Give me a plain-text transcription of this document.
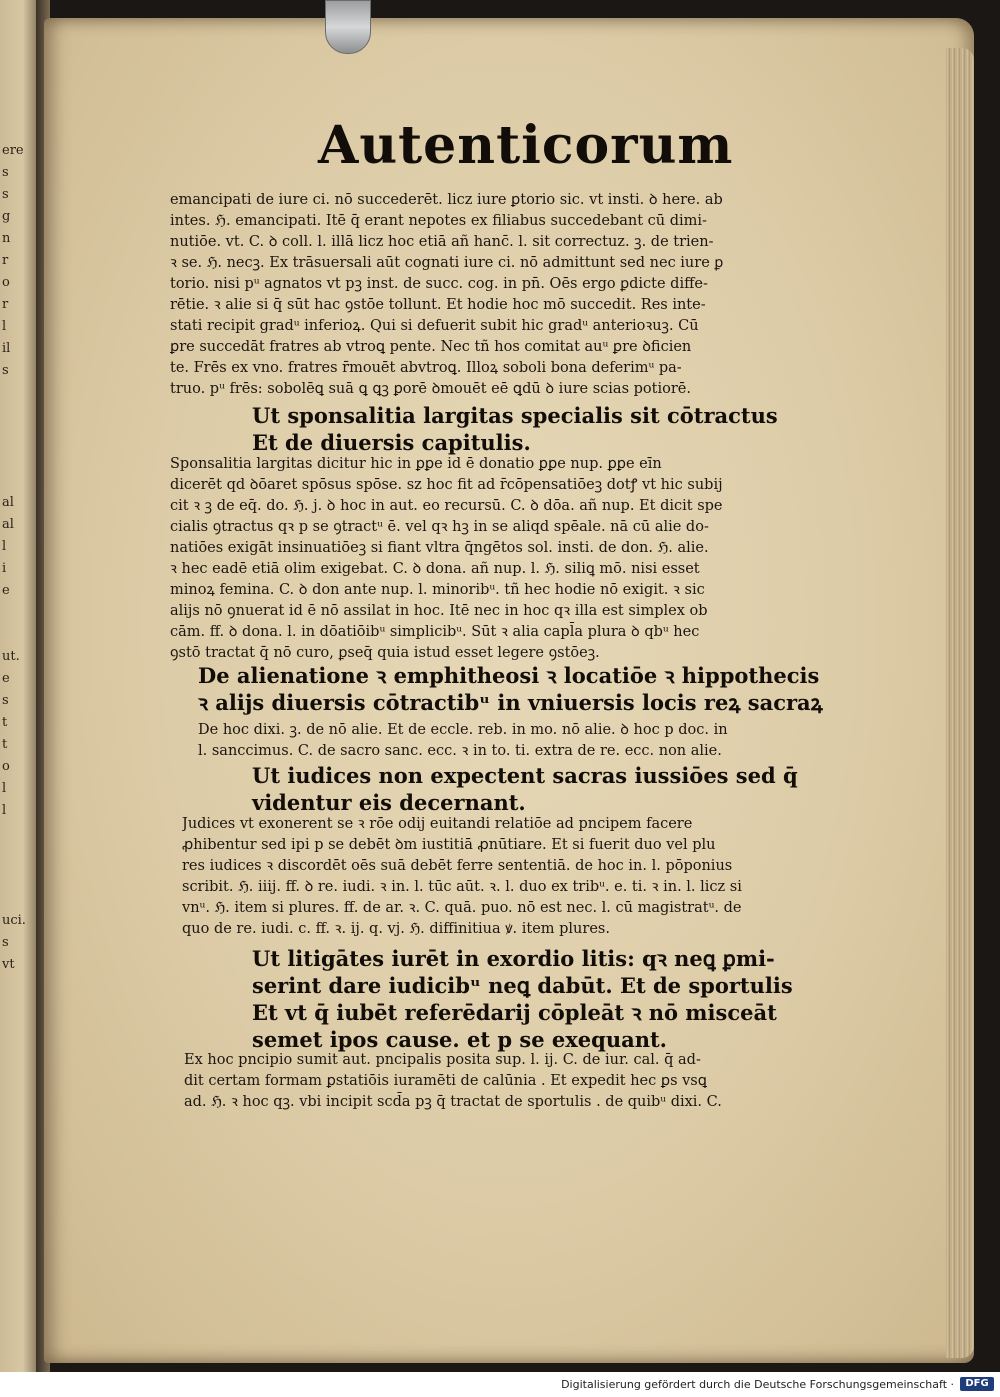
ere
s
s
g
n
r
o
r
l
il
s

al
al
l
i
e

ut.
e
s
t
t
o
l
l

uci.
s
vt
Autenticorum
emancipati de iure ci. nō succederēt. licz iure ꝑtorio sic. vt insti. ꝺ here. ab
intes. ℌ. emancipati. Itē q̄ erant nepotes ex filiabus succedebant cū dimi-
nutiōe. vt. C. ꝺ coll. l. illā licz hoc etiā añ hanc̄. l. sit correctuz. ꝫ. de trien-
ꝛ se. ℌ. necꝫ. Ex trāsuersali aūt cognati iure ci. nō admittunt sed nec iure ꝑ
torio. nisi pᵘ agnatos vt pꝫ inst. de succ. cog. in pn̄. Oēs ergo ꝑdicte diffe-
rētie. ꝛ alie si q̄ sūt hac ꝯstōe tollunt. Et hodie hoc mō succedit. Res inte-
stati recipit gradᵘ inferioꝝ. Qui si defuerit subit hic gradᵘ anterioꝛuꝫ. Cū
ꝑre succedāt fratres ab vtroꝗ pente. Nec tñ hos comitat auᵘ ꝑre ꝺficien
te. Frēs ex vno. fratres r̄mouēt abvtroꝗ. Illoꝝ soboli bona deferimᵘ pa-
truo. pᵘ frēs: sobolēꝗ suā ꝗ ꝗꝫ ꝑorē ꝺmouēt eē ꝗdū ꝺ iure scias potiorē.
Ut sponsalitia largitas specialis sit cōtractus
Et de diuersis capitulis.
Sponsalitia largitas dicitur hic in ꝑꝑe id ē donatio ꝑꝑe nup. ꝑꝑe eīn
dicerēt qd ꝺōaret spōsus spōse. sz hoc fit ad r̄cōpensatiōeꝫ dotꝭ vt hic subij
cit ꝛ ꝫ de eq̄. do. ℌ. j. ꝺ hoc in aut. eo recursū. C. ꝺ dōa. añ nup. Et dicit spe
cialis ꝯtractus qꝛ p se ꝯtractᵘ ē. vel qꝛ hꝫ in se aliqd spēale. nā cū alie do-
natiōes exigāt insinuatiōeꝫ si fiant vltra q̄ngētos sol. insti. de don. ℌ. alie.
ꝛ hec eadē etiā olim exigebat. C. ꝺ dona. añ nup. l. ℌ. siliꝗ mō. nisi esset
minoꝝ femina. C. ꝺ don ante nup. l. minoribᵘ. tñ hec hodie nō exigit. ꝛ sic
alijs nō ꝯnuerat id ē nō assilat in hoc. Itē nec in hoc qꝛ illa est simplex ob
cām. ff. ꝺ dona. l. in dōatiōibᵘ simplicibᵘ. Sūt ꝛ alia capl̄a plura ꝺ qbᵘ hec
ꝯstō tractat q̄ nō curo, ꝑseq̄ quia istud esset legere ꝯstōeꝫ.
De alienatione ꝛ emphitheosi ꝛ locatiōe ꝛ hippothecis
ꝛ alijs diuersis cōtractibᵘ in vniuersis locis reꝝ sacraꝝ
De hoc dixi. ꝫ. de nō alie. Et de eccle. reb. in mo. nō alie. ꝺ hoc p doc. in
l. sanccimus. C. de sacro sanc. ecc. ꝛ in to. ti. extra de re. ecc. non alie.
Ut iudices non expectent sacras iussiōes sed q̄
videntur eis decernant.
Judices vt exonerent se ꝛ rōe odij euitandi relatiōe ad pncipem facere
ꝓhibentur sed ipi p se debēt ꝺm iustitiā ꝓnūtiare. Et si fuerit duo vel plu
res iudices ꝛ discordēt oēs suā debēt ferre sententiā. de hoc in. l. pōponius
scribit. ℌ. iiij. ff. ꝺ re. iudi. ꝛ in. l. tūc aūt. ꝛ. l. duo ex tribᵘ. e. ti. ꝛ in. l. licz si
vnᵘ. ℌ. item si plures. ff. de ar. ꝛ. C. quā. puo. nō est nec. l. cū magistratᵘ. de
quo de re. iudi. c. ff. ꝛ. ij. q. vj. ℌ. diffinitiua ꝟ. item plures.
Ut litigātes iurēt in exordio litis: qꝛ neꝗ ꝑmi-
serint dare iudicibᵘ neꝗ dabūt. Et de sportulis
Et vt q̄ iubēt referēdarij cōpleāt ꝛ nō misceāt
semet ipos cause. et p se exequant.
Ex hoc pncipio sumit aut. pncipalis posita sup. l. ij. C. de iur. cal. q̄ ad-
dit certam formam ꝑstatiōis iuramēti de calūnia . Et expedit hec ꝑs vsꝗ
ad. ℌ. ꝛ hoc qꝫ. vbi incipit scd̄a pꝫ q̄ tractat de sportulis . de quibᵘ dixi. C.
Digitalisierung gefördert durch die Deutsche Forschungsgemeinschaft ·	DFG
